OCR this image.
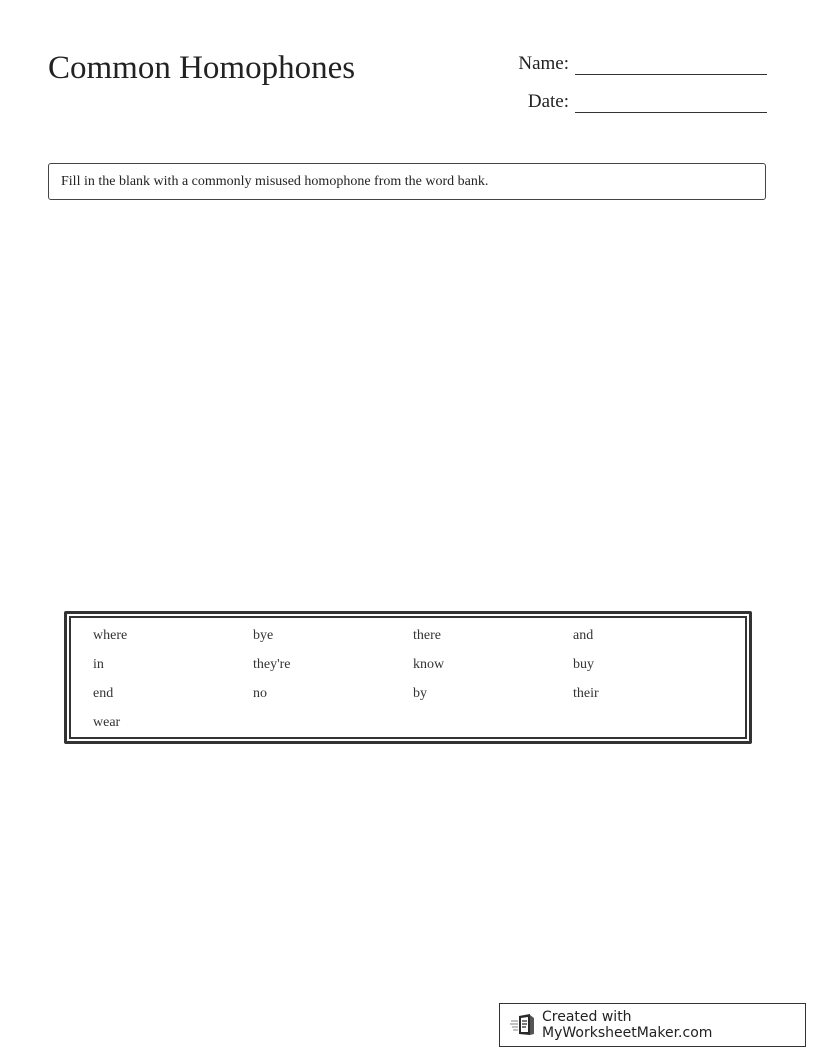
Common Homophones	Name:
Date:
Fill in the blank with a commonly misused homophone from the word bank.
where	bye	there	and
in	they're	know	buy
end	no	by	their
wear
Created with MyWorksheetMaker.com
